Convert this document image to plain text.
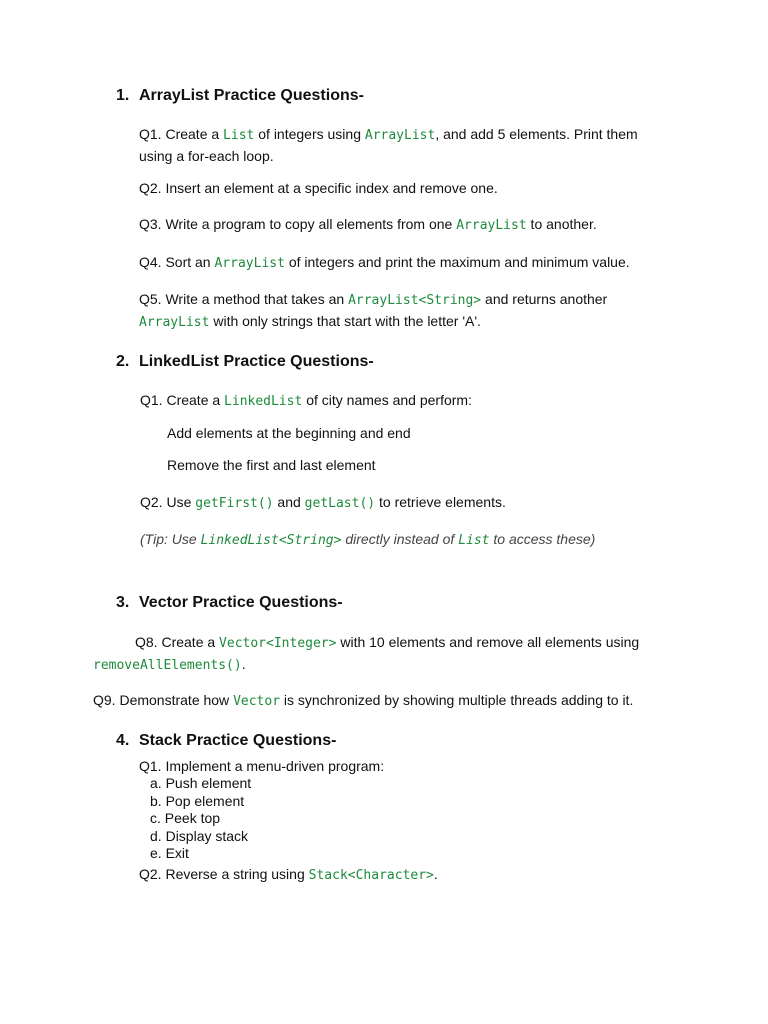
1. ArrayList Practice Questions-

Q1. Create a List of integers using ArrayList, and add 5 elements. Print them
using a for-each loop.

Q2. Insert an element at a specific index and remove one.

Q3. Write a program to copy all elements from one ArrayList to another.

Q4. Sort an ArrayList of integers and print the maximum and minimum value.

Q5. Write a method that takes an ArrayList<String> and returns another
ArrayList with only strings that start with the letter 'A'.

2. LinkedList Practice Questions-

Q1. Create a LinkedList of city names and perform:

Add elements at the beginning and end

Remove the first and last element

Q2. Use getFirst() and getLast() to retrieve elements.

(Tip: Use LinkedList<String> directly instead of List to access these)

3. Vector Practice Questions-

Q8. Create a Vector<Integer> with 10 elements and remove all elements using
removeAllElements().

Q9. Demonstrate how Vector is synchronized by showing multiple threads adding to it.

4. Stack Practice Questions-

Q1. Implement a menu-driven program:

a. Push element
b. Pop element
c. Peek top
d. Display stack
e. Exit

Q2. Reverse a string using Stack<Character>.
